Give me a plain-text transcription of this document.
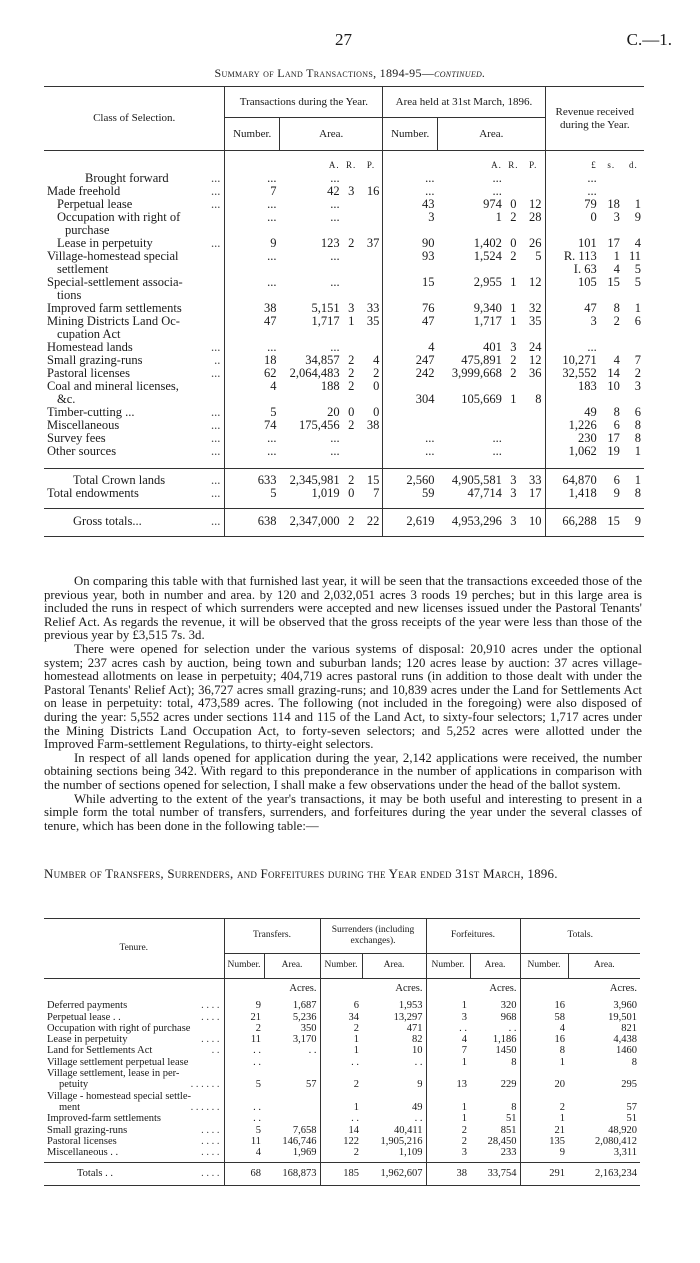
27	C.—1.
Summary of Land Transactions, 1894-95—continued.
Class of Selection.	Transactions during the Year.				Area held at 31st March, 1896.				Revenue received during the Year.		
	Number.	Area.			Number.	Area.					
		A.	R.	P.		A.	R.	P.	£	s.	d.
Brought forward ...	...	...			...	...			...		
Made freehold ...	7	42	3	16	...	...			...		
Perpetual lease ...	...	...			43	974	0	12	79	18	1
Occupation with right of	...	...			3	1	2	28	0	3	9
purchase

Lease in perpetuity ...	9	123	2	37	90	1,402	0	26	101	17	4
Village-homestead special	...	...			93	1,524	2	5	R. 113	1	11
settlement									I. 63	4	5
Special-settlement associa-	...	...			15	2,955	1	12	105	15	5
tions

Improved farm settlements	38	5,151	3	33	76	9,340	1	32	47	8	1
Mining Districts Land Oc-	47	1,717	1	35	47	1,717	1	35	3	2	6
cupation Act

Homestead lands ...	...	...			4	401	3	24	...		
Small grazing-runs ..	18	34,857	2	4	247	475,891	2	12	10,271	4	7
Pastoral licenses ...	62	2,064,483	2	2	242	3,999,668	2	36	32,552	14	2
Coal and mineral licenses,	4	188	2	0					183	10	3
&c.					304	105,669	1	8			
Timber-cutting ... ...	5	20	0	0					49	8	6
Miscellaneous ...	74	175,456	2	38					1,226	6	8
Survey fees ...	...	...			...	...			230	17	8
Other sources ...	...	...			...	...			1,062	19	1

Total Crown lands ...	633	2,345,981	2	15	2,560	4,905,581	3	33	64,870	6	1
Total endowments ...	5	1,019	0	7	59	47,714	3	17	1,418	9	8

Gross totals... ...	638	2,347,000	2	22	2,619	4,953,296	3	10	66,288	15	9

On comparing this table with that furnished last year, it will be seen that the transactions exceeded those of the previous year, both in number and area. by 120 and 2,032,051 acres 3 roods 19 perches; but in this large area is included the runs in respect of which surrenders were accepted and new licenses issued under the Pastoral Tenants' Relief Act. As regards the revenue, it will be observed that the gross receipts of the year were less than those of the previous year by £3,515 7s. 3d.

There were opened for selection under the various systems of disposal: 20,910 acres under the optional system; 237 acres cash by auction, being town and suburban lands; 120 acres lease by auction: 37 acres village-homestead allotments on lease in perpetuity; 404,719 acres pastoral runs (in addition to those dealt with under the Pastoral Tenants' Relief Act); 36,727 acres small grazing-runs; and 10,839 acres under the Land for Settlements Act on lease in perpetuity: total, 473,589 acres. The following (not included in the foregoing) were also disposed of during the year: 5,552 acres under sections 114 and 115 of the Land Act, to sixty-four selectors; 1,717 acres under the Mining Districts Land Occupation Act, to forty-seven selectors; and 5,252 acres were allotted under the Improved Farm-settlement Regulations, to thirty-eight selectors.

In respect of all lands opened for application during the year, 2,142 applications were received, the number obtaining sections being 342. With regard to this preponderance in the number of applications in comparison with the number of sections opened for selection, I shall make a few observations under the head of the ballot system.

While adverting to the extent of the year's transactions, it may be both useful and interesting to present in a simple form the total number of transfers, surrenders, and forfeitures during the year under the several classes of tenure, which has been done in the following table:—

Number of Transfers, Surrenders, and Forfeitures during the Year ended 31st March, 1896.
Tenure.	Transfers.		Surrenders (including exchanges).		Forfeitures.		Totals.	
	Number.	Area.	Number.	Area.	Number.	Area.	Number.	Area.
		Acres.		Acres.		Acres.		Acres.

Deferred payments . . . .	9	1,687	6	1,953	1	320	16	3,960
Perpetual lease . . . . . .	21	5,236	34	13,297	3	968	58	19,501
Occupation with right of purchase	2	350	2	471	. .	. .	4	821
Lease in perpetuity . . . .	11	3,170	1	82	4	1,186	16	4,438
Land for Settlements Act . .	. .	. .	1	10	7	1450	8	1460
Village settlement perpetual lease	. .		. .	. .	1	8	1	8
Village settlement, lease in per-

petuity . . . . . .	5	57	2	9	13	229	20	295
Village - homestead special settle-

ment . . . . . .	. .		1	49	1	8	2	57
Improved-farm settlements	. .		. .	. .	1	51	1	51
Small grazing-runs . . . .	5	7,658	14	40,411	2	851	21	48,920
Pastoral licenses . . . .	11	146,746	122	1,905,216	2	28,450	135	2,080,412
Miscellaneous . . . . . .	4	1,969	2	1,109	3	233	9	3,311

Totals . . . . . .	68	168,873	185	1,962,607	38	33,754	291	2,163,234
